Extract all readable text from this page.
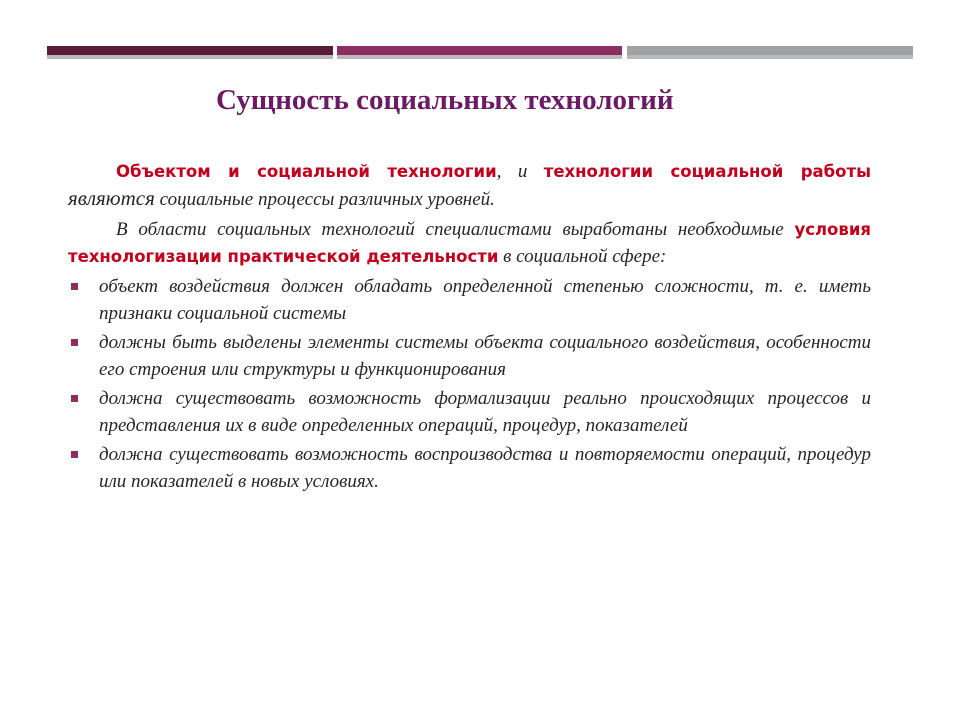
Сущность социальных технологий

Объектом и социальной технологии, и технологии социальной работы являются социальные процессы различных уровней.

В области социальных технологий специалистами выработаны необходимые условия технологизации практической деятельности в социальной сфере:

объект воздействия должен обладать определенной степенью сложности, т. е. иметь признаки социальной системы
должны быть выделены элементы системы объекта социального воздействия, особенности его строения или структуры и функционирования
должна существовать возможность формализации реально происходящих процессов и представления их в виде определенных операций, процедур, показателей
должна существовать возможность воспроизводства и повторяемости операций, процедур или показателей в новых условиях.
